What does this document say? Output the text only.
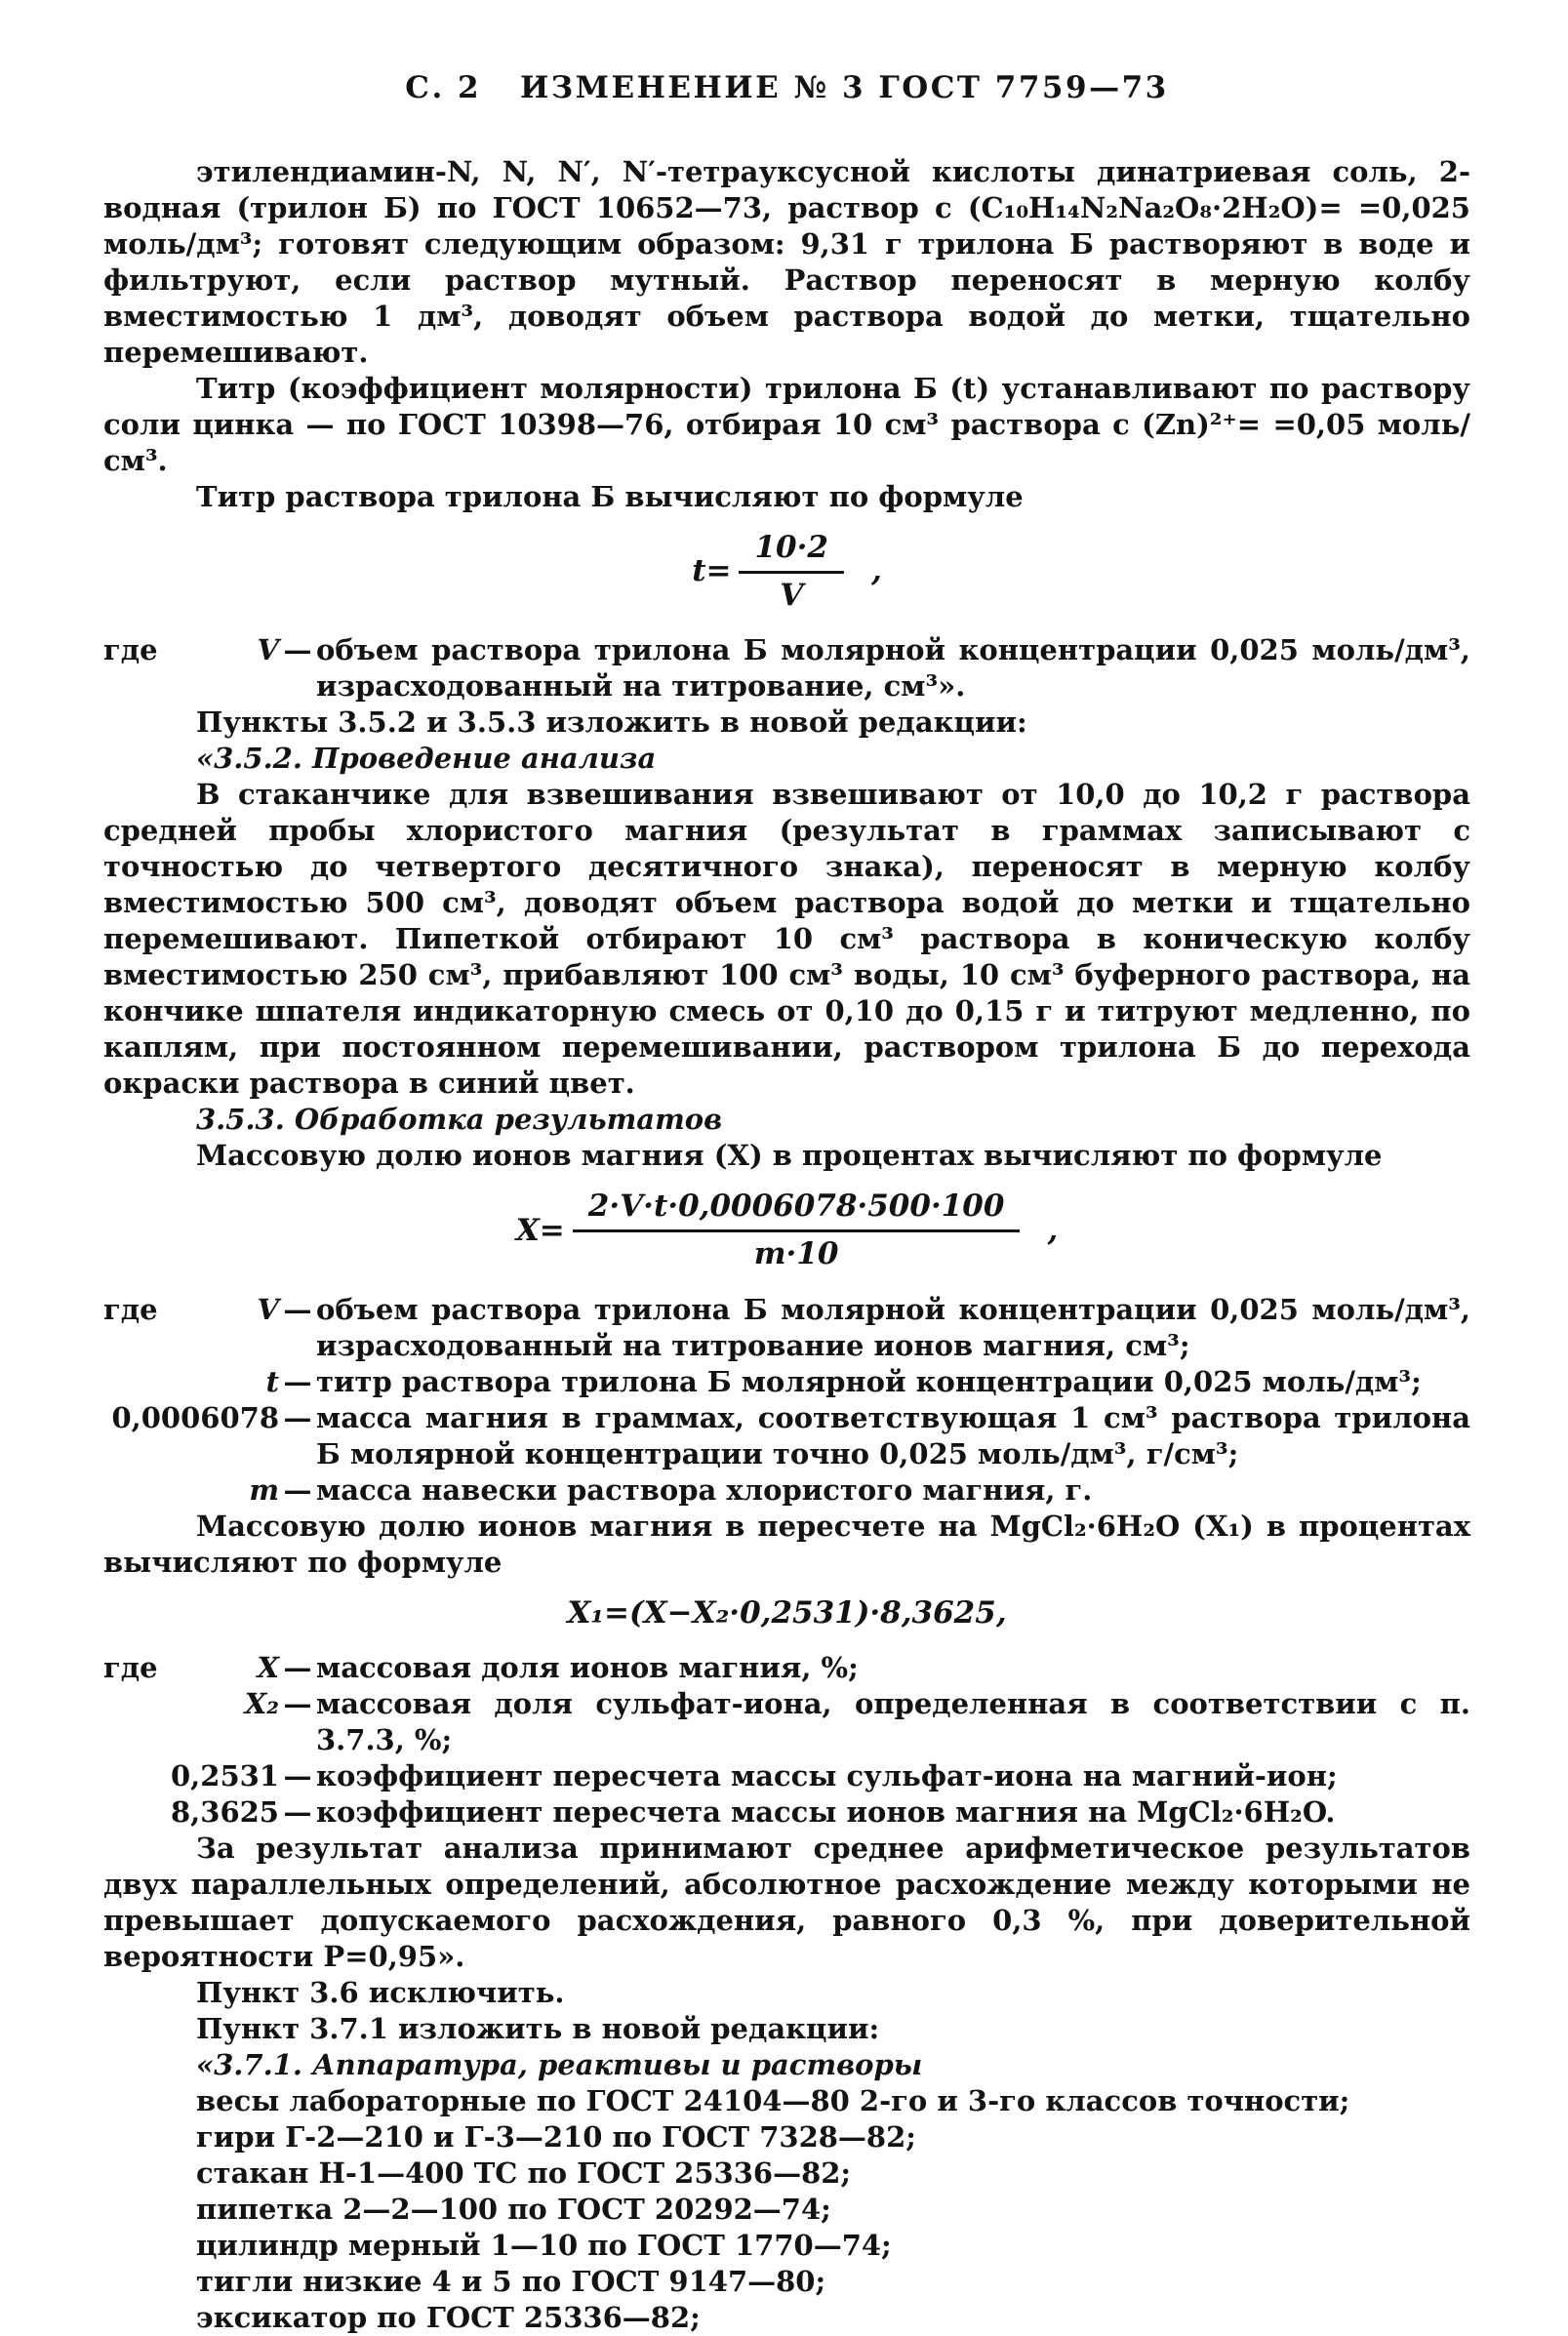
С. 2   ИЗМЕНЕНИЕ № 3 ГОСТ 7759—73

этилендиамин-N, N, N′, N′-тетрауксусной кислоты динатриевая соль, 2-водная (трилон Б) по ГОСТ 10652—73, раствор с (C₁₀H₁₄N₂Na₂O₈·2H₂O)= =0,025 моль/дм³; готовят следующим образом: 9,31 г трилона Б растворяют в воде и фильтруют, если раствор мутный. Раствор переносят в мерную колбу вместимостью 1 дм³, доводят объем раствора водой до метки, тщательно перемешивают.

Титр (коэффициент молярности) трилона Б (t) устанавливают по раствору соли цинка — по ГОСТ 10398—76, отбирая 10 см³ раствора с (Zn)²⁺= =0,05 моль/см³.

Титр раствора трилона Б вычисляют по формуле

$t= \frac{10\cdot 2}{V}$ ,
где	V — объем раствора трилона Б молярной концентрации 0,025 моль/дм³, израсходованный на титрование, см³».

Пункты 3.5.2 и 3.5.3 изложить в новой редакции:

«3.5.2. Проведение анализа

В стаканчике для взвешивания взвешивают от 10,0 до 10,2 г раствора средней пробы хлористого магния (результат в граммах записывают с точностью до четвертого десятичного знака), переносят в мерную колбу вместимостью 500 см³, доводят объем раствора водой до метки и тщательно перемешивают. Пипеткой отбирают 10 см³ раствора в коническую колбу вместимостью 250 см³, прибавляют 100 см³ воды, 10 см³ буферного раствора, на кончике шпателя индикаторную смесь от 0,10 до 0,15 г и титруют медленно, по каплям, при постоянном перемешивании, раствором трилона Б до перехода окраски раствора в синий цвет.

3.5.3. Обработка результатов

Массовую долю ионов магния (X) в процентах вычисляют по формуле

$X= \frac{2\cdot V\cdot t\cdot 0,0006078\cdot 500\cdot 100}{m\cdot 10}$ ,
где	V — объем раствора трилона Б молярной концентрации 0,025 моль/дм³, израсходованный на титрование ионов магния, см³;
t — титр раствора трилона Б молярной концентрации 0,025 моль/дм³;
0,0006078 — масса магния в граммах, соответствующая 1 см³ раствора трилона Б молярной концентрации точно 0,025 моль/дм³, г/см³;
m — масса навески раствора хлористого магния, г.

Массовую долю ионов магния в пересчете на MgCl₂·6H₂O (X₁) в процентах вычисляют по формуле

X₁=(X−X₂·0,2531)·8,3625,
где	X — массовая доля ионов магния, %;
X₂ — массовая доля сульфат-иона, определенная в соответствии с п. 3.7.3, %;
0,2531 — коэффициент пересчета массы сульфат-иона на магний-ион;
8,3625 — коэффициент пересчета массы ионов магния на MgCl₂·6H₂O.

За результат анализа принимают среднее арифметическое результатов двух параллельных определений, абсолютное расхождение между которыми не превышает допускаемого расхождения, равного 0,3 %, при доверительной вероятности Р=0,95».

Пункт 3.6 исключить.

Пункт 3.7.1 изложить в новой редакции:

«3.7.1. Аппаратура, реактивы и растворы

весы лабораторные по ГОСТ 24104—80 2-го и 3-го классов точности;

гири Г-2—210 и Г-3—210 по ГОСТ 7328—82;

стакан Н-1—400 ТС по ГОСТ 25336—82;

пипетка 2—2—100 по ГОСТ 20292—74;

цилиндр мерный 1—10 по ГОСТ 1770—74;

тигли низкие 4 и 5 по ГОСТ 9147—80;

эксикатор по ГОСТ 25336—82;
